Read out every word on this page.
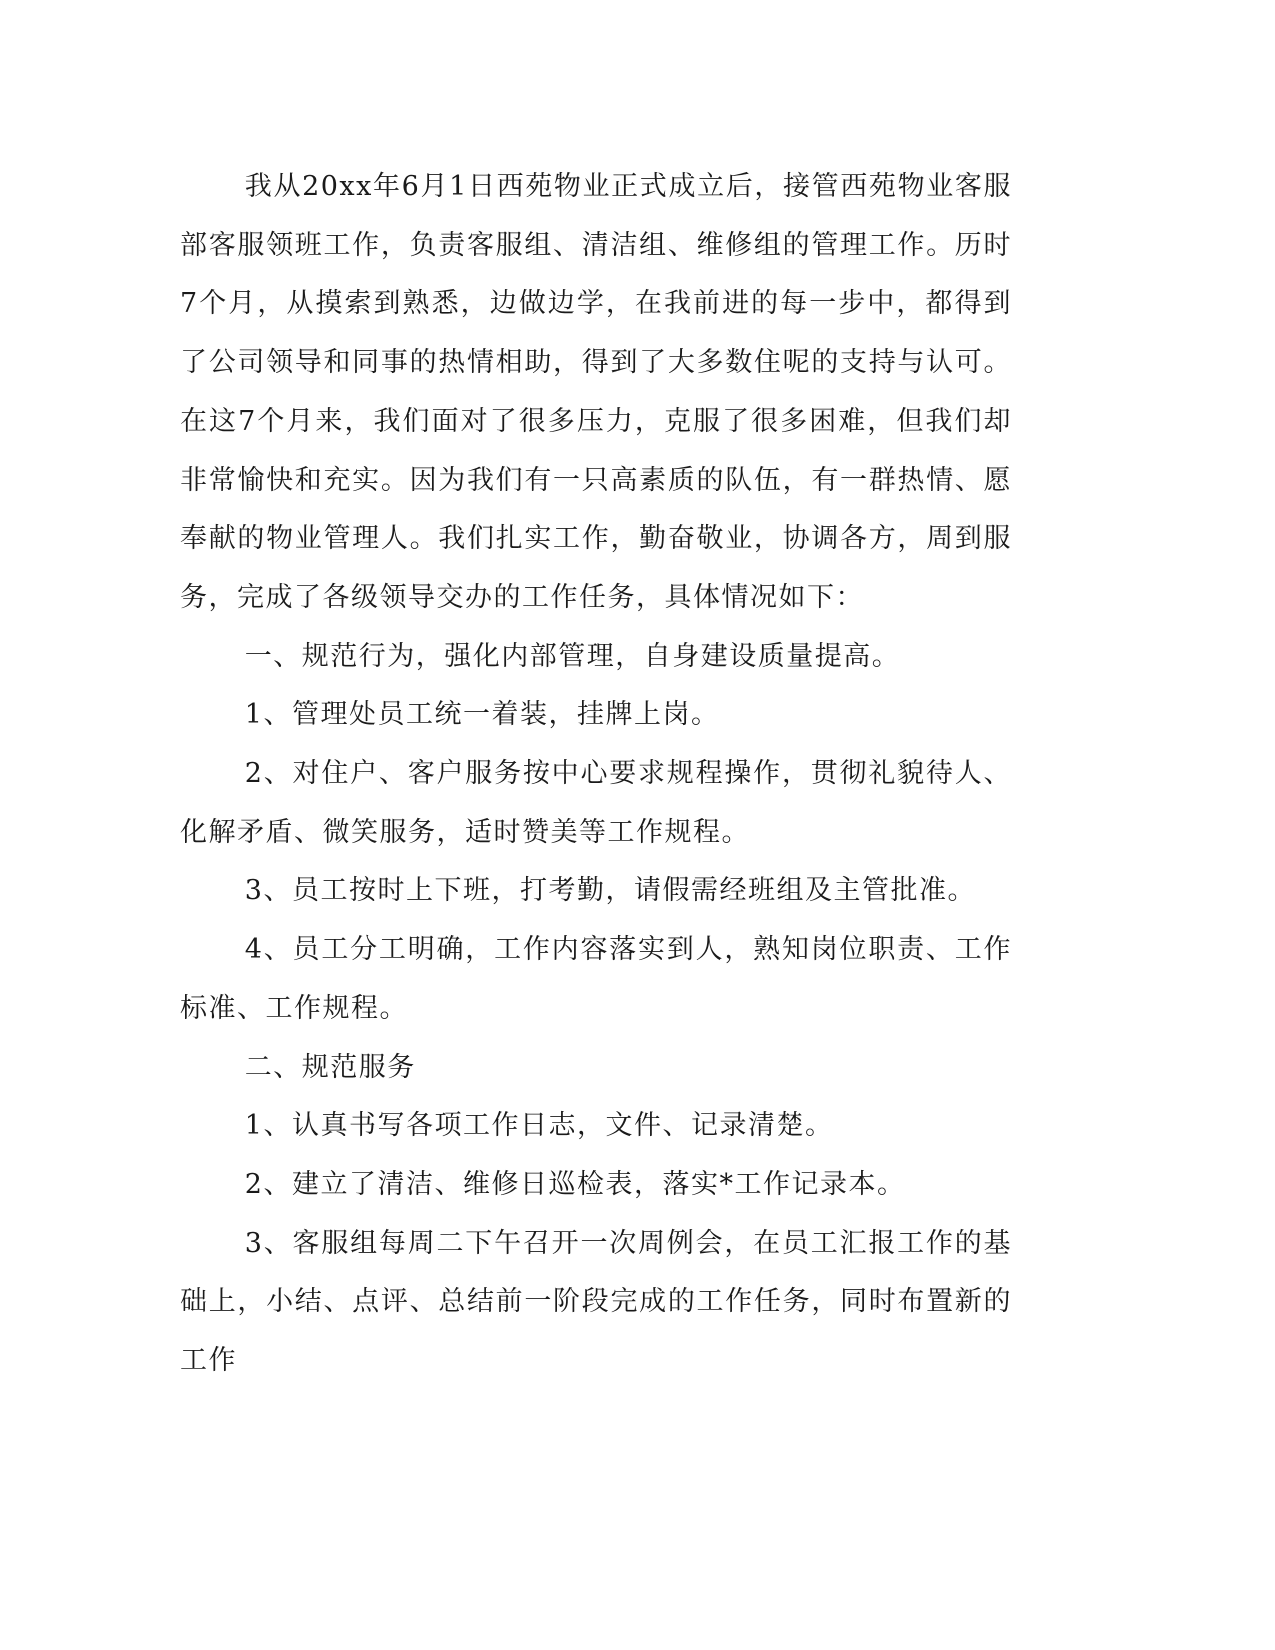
我从20xx年6月1日西苑物业正式成立后，接管西苑物业客服部客服领班工作，负责客服组、清洁组、维修组的管理工作。历时7个月，从摸索到熟悉，边做边学，在我前进的每一步中，都得到了公司领导和同事的热情相助，得到了大多数住呢的支持与认可。在这7个月来，我们面对了很多压力，克服了很多困难，但我们却非常愉快和充实。因为我们有一只高素质的队伍，有一群热情、愿奉献的物业管理人。我们扎实工作，勤奋敬业，协调各方，周到服务，完成了各级领导交办的工作任务，具体情况如下：

一、规范行为，强化内部管理，自身建设质量提高。

1、管理处员工统一着装，挂牌上岗。

2、对住户、客户服务按中心要求规程操作，贯彻礼貌待人、化解矛盾、微笑服务，适时赞美等工作规程。

3、员工按时上下班，打考勤，请假需经班组及主管批准。

4、员工分工明确，工作内容落实到人，熟知岗位职责、工作标准、工作规程。

二、规范服务

1、认真书写各项工作日志，文件、记录清楚。

2、建立了清洁、维修日巡检表，落实*工作记录本。

3、客服组每周二下午召开一次周例会，在员工汇报工作的基础上，小结、点评、总结前一阶段完成的工作任务，同时布置新的工作
